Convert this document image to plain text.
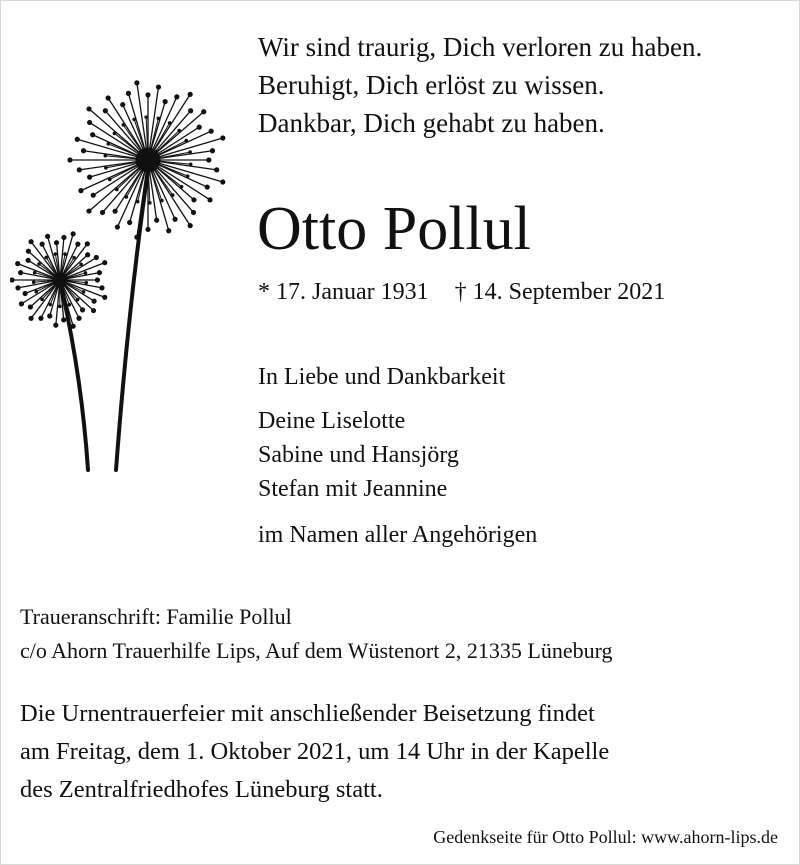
Wir sind traurig, Dich verloren zu haben.
Beruhigt, Dich erlöst zu wissen.
Dankbar, Dich gehabt zu haben.
Otto Pollul
* 17. Januar 1931 † 14. September 2021
In Liebe und Dankbarkeit
Deine Liselotte
Sabine und Hansjörg
Stefan mit Jeannine
im Namen aller Angehörigen
Traueranschrift: Familie Pollul
c/o Ahorn Trauerhilfe Lips, Auf dem Wüstenort 2, 21335 Lüneburg
Die Urnentrauerfeier mit anschließender Beisetzung findet
am Freitag, dem 1. Oktober 2021, um 14 Uhr in der Kapelle
des Zentralfriedhofes Lüneburg statt.
Gedenkseite für Otto Pollul: www.ahorn-lips.de
